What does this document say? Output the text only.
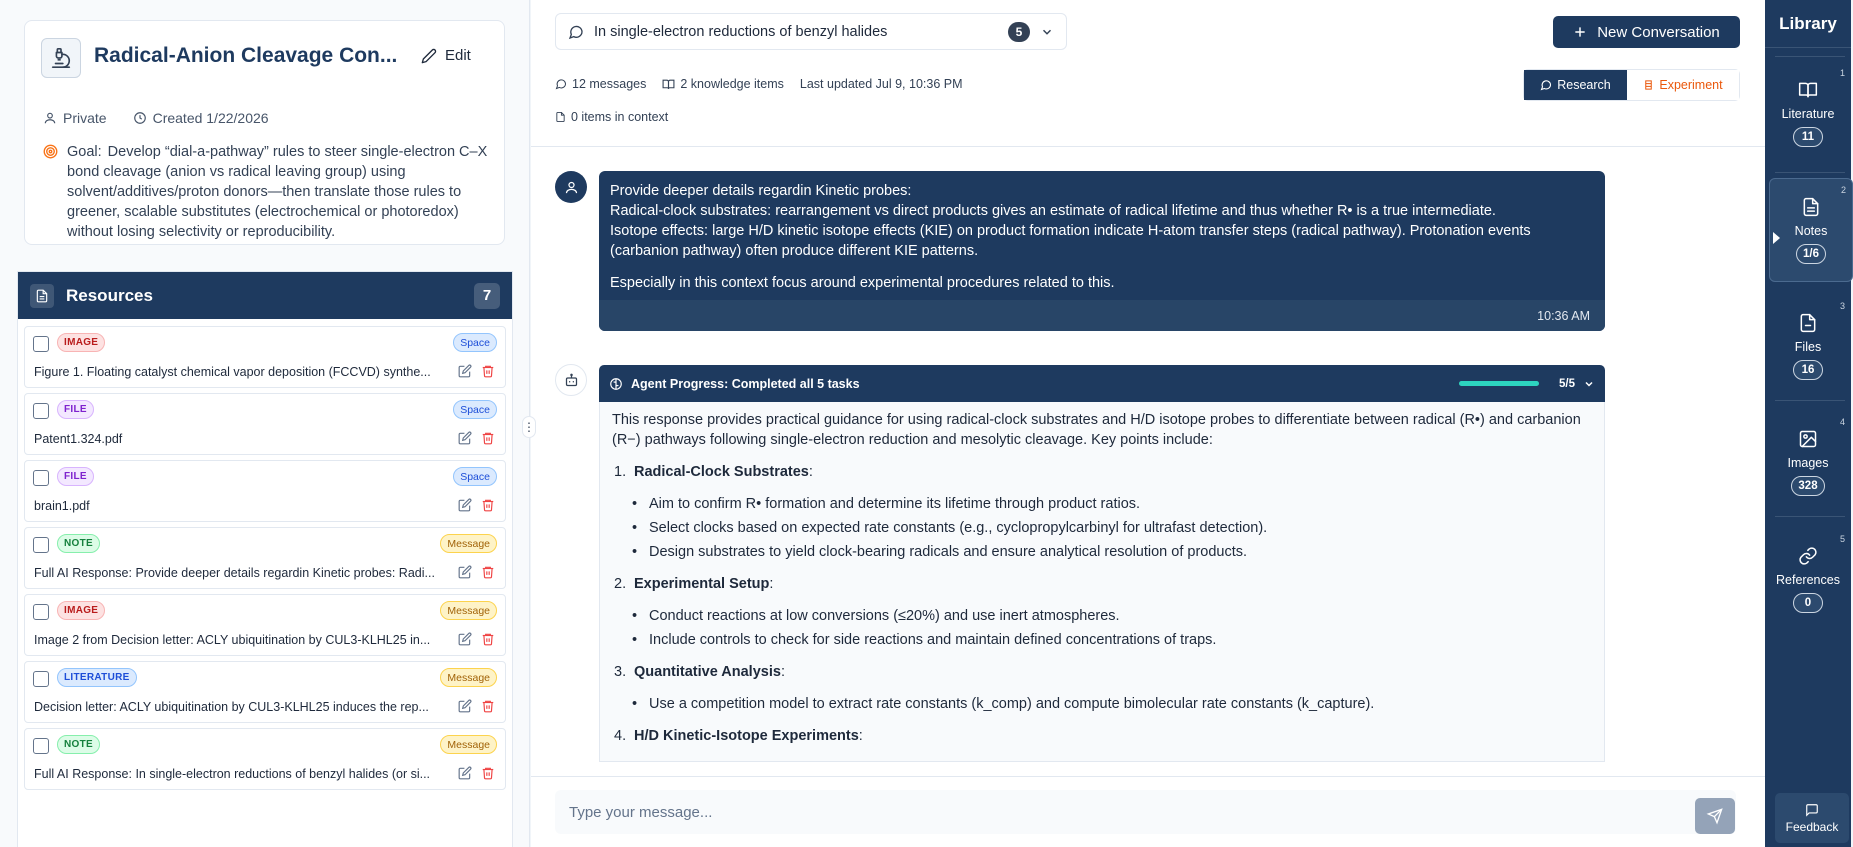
Radical-Anion Cleavage Con...	Edit
Private	Created 1/22/2026
Goal: Develop “dial-a-pathway” rules to steer single-electron C–X bond cleavage (anion vs radical leaving group) using solvent/additives/proton donors—then translate those rules to greener, scalable substitutes (electrochemical or photoredox) without losing selectivity or reproducibility.
Resources	7
IMAGE	Space
Figure 1. Floating catalyst chemical vapor deposition (FCCVD) synthe...
FILE	Space
Patent1.324.pdf
FILE	Space
brain1.pdf
NOTE	Message
Full AI Response: Provide deeper details regardin Kinetic probes: Radi...
IMAGE	Message
Image 2 from Decision letter: ACLY ubiquitination by CUL3-KLHL25 in...
LITERATURE	Message
Decision letter: ACLY ubiquitination by CUL3-KLHL25 induces the rep...
NOTE	Message
Full AI Response: In single-electron reductions of benzyl halides (or si...
⋮
In single-electron reductions of benzyl halides	5	New Conversation
12 messages	2 knowledge items Last updated Jul 9, 10:36 PM
0 items in context
Research	Experiment

Provide deeper details regardin Kinetic probes:

Radical-clock substrates: rearrangement vs direct products gives an estimate of radical lifetime and thus whether R• is a true intermediate.

Isotope effects: large H/D kinetic isotope effects (KIE) on product formation indicate H-atom transfer steps (radical pathway). Protonation events (carbanion pathway) often produce different KIE patterns.

Especially in this context focus around experimental procedures related to this.

10:36 AM
Agent Progress: Completed all 5 tasks	5/5

This response provides practical guidance for using radical-clock substrates and H/D isotope probes to differentiate between radical (R•) and carbanion (R−) pathways following single-electron reduction and mesolytic cleavage. Key points include:

1. Radical-Clock Substrates:
• Aim to confirm R• formation and determine its lifetime through product ratios.
• Select clocks based on expected rate constants (e.g., cyclopropylcarbinyl for ultrafast detection).
• Design substrates to yield clock-bearing radicals and ensure analytical resolution of products.
2. Experimental Setup:
• Conduct reactions at low conversions (≤20%) and use inert atmospheres.
• Include controls to check for side reactions and maintain defined concentrations of traps.
3. Quantitative Analysis:
• Use a competition model to extract rate constants (k_comp) and compute bimolecular rate constants (k_capture).
4. H/D Kinetic-Isotope Experiments:
Type your message...
Library
1
Literature
11
2
Notes
1/6
3
Files
16
4
Images
328
5
References
0
Feedback
